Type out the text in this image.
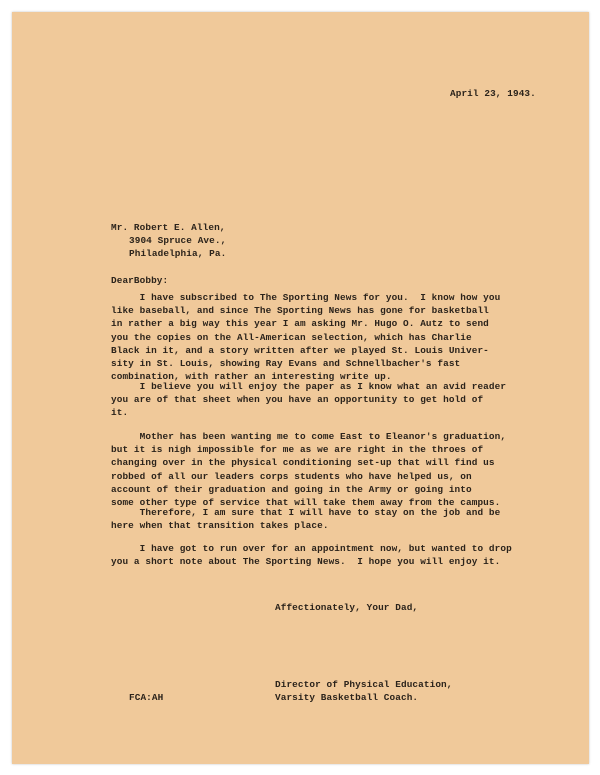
April 23, 1943.
Mr. Robert E. Allen,
3904 Spruce Ave.,
Philadelphia, Pa.
DearBobby:
I have subscribed to The Sporting News for you.  I know how you
like baseball, and since The Sporting News has gone for basketball
in rather a big way this year I am asking Mr. Hugo O. Autz to send
you the copies on the All-American selection, which has Charlie
Black in it, and a story written after we played St. Louis Univer-
sity in St. Louis, showing Ray Evans and Schnellbacher's fast
combination, with rather an interesting write up.
I believe you will enjoy the paper as I know what an avid reader
you are of that sheet when you have an opportunity to get hold of
it.
Mother has been wanting me to come East to Eleanor's graduation,
but it is nigh impossible for me as we are right in the throes of
changing over in the physical conditioning set-up that will find us
robbed of all our leaders corps students who have helped us, on
account of their graduation and going in the Army or going into
some other type of service that will take them away from the campus.
Therefore, I am sure that I will have to stay on the job and be
here when that transition takes place.
I have got to run over for an appointment now, but wanted to drop
you a short note about The Sporting News.  I hope you will enjoy it.
Affectionately, Your Dad,
Director of Physical Education,
Varsity Basketball Coach.
FCA:AH
